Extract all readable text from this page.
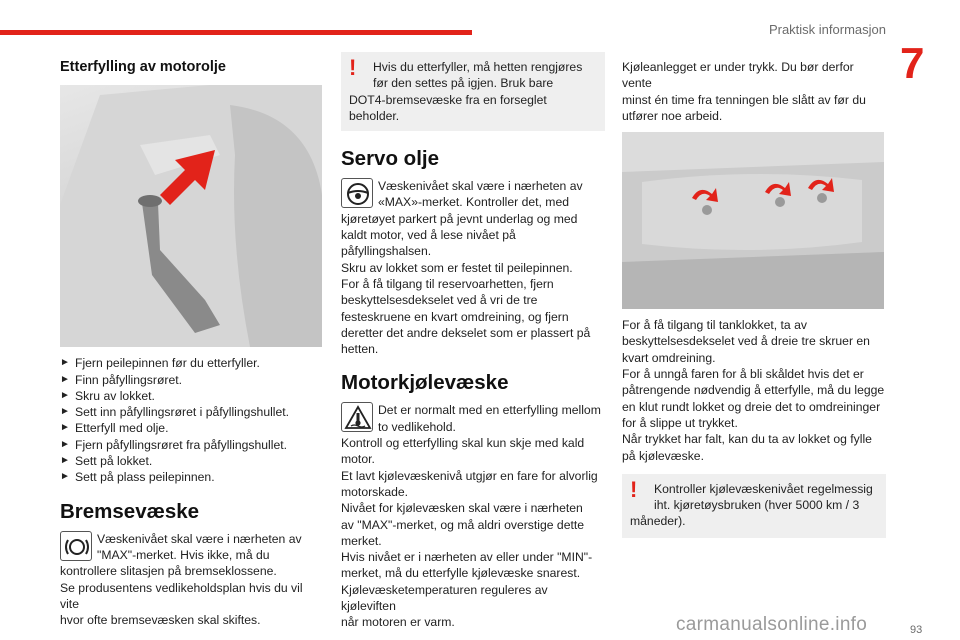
Praktisk informasjon
7
Etterfylling av motorolje
► Fjern peilepinnen før du etterfyller.
► Finn påfyllingsrøret.
► Skru av lokket.
► Sett inn påfyllingsrøret i påfyllingshullet.
► Etterfyll med olje.
► Fjern påfyllingsrøret fra påfyllingshullet.
► Sett på lokket.
► Sett på plass peilepinnen.
Bremsevæske
Væskenivået skal være i nærheten av
"MAX"-merket. Hvis ikke, må du
kontrollere slitasjen på bremseklossene.
Se produsentens vedlikeholdsplan hvis du vil vite
hvor ofte bremsevæsken skal skiftes.
!	Hvis du etterfyller, må hetten rengjøres
før den settes på igjen. Bruk bare
DOT4-bremsevæske fra en forseglet
beholder.
Servo olje
Væskenivået skal være i nærheten av
«MAX»-merket. Kontroller det, med
kjøretøyet parkert på jevnt underlag og med
kaldt motor, ved å lese nivået på
påfyllingshalsen.
Skru av lokket som er festet til peilepinnen.
For å få tilgang til reservoarhetten, fjern
beskyttelsesdekselet ved å vri de tre
festeskruene en kvart omdreining, og fjern
deretter det andre dekselet som er plassert på
hetten.
Motorkjølevæske
Det er normalt med en etterfylling mellom
to vedlikehold.
Kontroll og etterfylling skal kun skje med kald
motor.
Et lavt kjølevæskenivå utgjør en fare for alvorlig
motorskade.
Nivået for kjølevæsken skal være i nærheten
av "MAX"-merket, og må aldri overstige dette
merket.
Hvis nivået er i nærheten av eller under "MIN"-
merket, må du etterfylle kjølevæske snarest.
Kjølevæsketemperaturen reguleres av kjøleviften
når motoren er varm.
Kjøleanlegget er under trykk. Du bør derfor vente
minst én time fra tenningen ble slått av før du
utfører noe arbeid.
For å få tilgang til tanklokket, ta av
beskyttelsesdekselet ved å dreie tre skruer en
kvart omdreining.
For å unngå faren for å bli skåldet hvis det er
påtrengende nødvendig å etterfylle, må du legge
en klut rundt lokket og dreie det to omdreininger
for å slippe ut trykket.
Når trykket har falt, kan du ta av lokket og fylle
på kjølevæske.
!	Kontroller kjølevæskenivået regelmessig
iht. kjøretøysbruken (hver 5000 km / 3
måneder).
carmanualsonline.info	93
